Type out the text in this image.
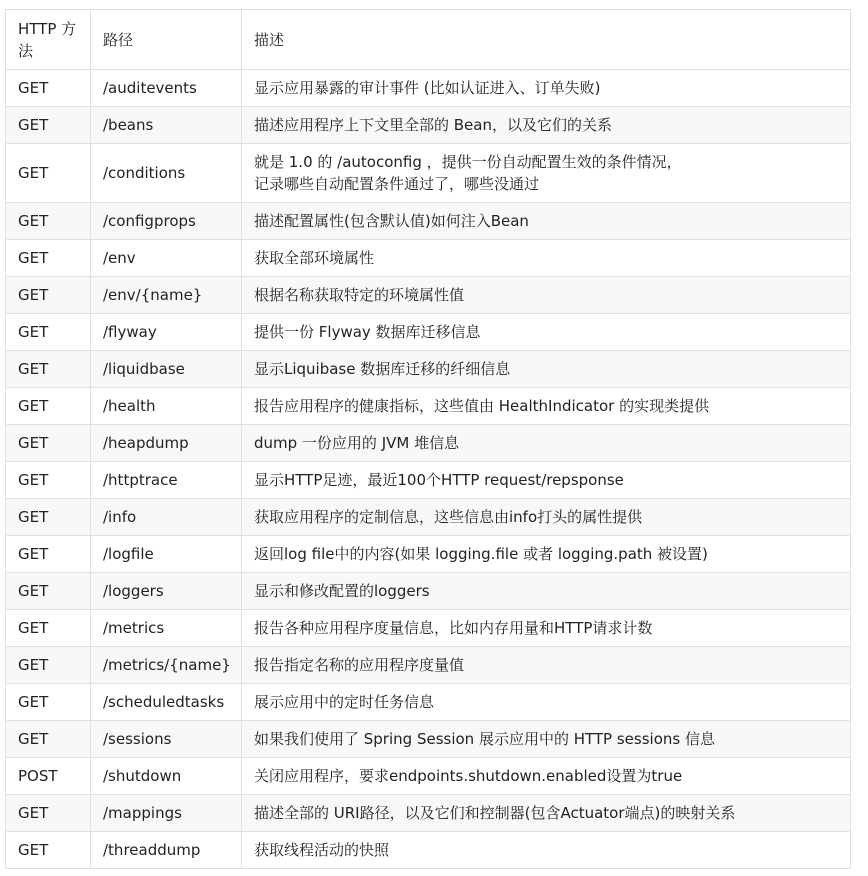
HTTP 方法	路径	描述
GET	/auditevents	显示应用暴露的审计事件 (比如认证进入、订单失败)

GET	/beans	描述应用程序上下文里全部的 Bean，以及它们的关系

GET	/conditions	就是 1.0 的 /autoconfig ，提供一份自动配置生效的条件情况，
记录哪些自动配置条件通过了，哪些没通过

GET	/configprops	描述配置属性(包含默认值)如何注入Bean

GET	/env	获取全部环境属性

GET	/env/{name}	根据名称获取特定的环境属性值

GET	/flyway	提供一份 Flyway 数据库迁移信息

GET	/liquidbase	显示Liquibase 数据库迁移的纤细信息

GET	/health	报告应用程序的健康指标，这些值由 HealthIndicator 的实现类提供

GET	/heapdump	dump 一份应用的 JVM 堆信息

GET	/httptrace	显示HTTP足迹，最近100个HTTP request/repsponse

GET	/info	获取应用程序的定制信息，这些信息由info打头的属性提供

GET	/logfile	返回log file中的内容(如果 logging.file 或者 logging.path 被设置)

GET	/loggers	显示和修改配置的loggers

GET	/metrics	报告各种应用程序度量信息，比如内存用量和HTTP请求计数

GET	/metrics/{name}	报告指定名称的应用程序度量值

GET	/scheduledtasks	展示应用中的定时任务信息

GET	/sessions	如果我们使用了 Spring Session 展示应用中的 HTTP sessions 信息

POST	/shutdown	关闭应用程序，要求endpoints.shutdown.enabled设置为true

GET	/mappings	描述全部的 URI路径，以及它们和控制器(包含Actuator端点)的映射关系

GET	/threaddump	获取线程活动的快照
